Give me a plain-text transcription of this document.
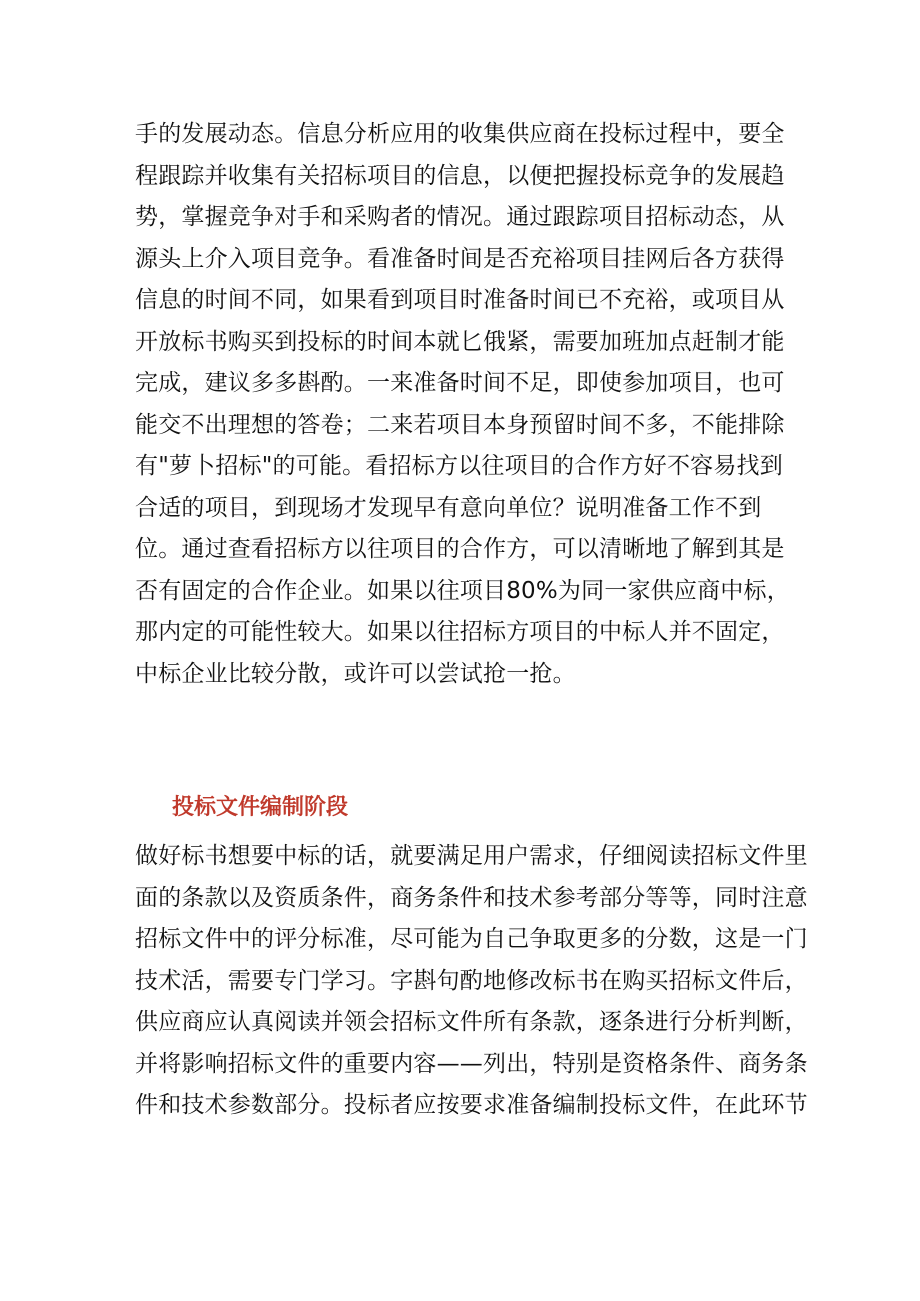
手的发展动态。信息分析应用的收集供应商在投标过程中，要全
程跟踪并收集有关招标项目的信息，以便把握投标竞争的发展趋
势，掌握竞争对手和采购者的情况。通过跟踪项目招标动态，从
源头上介入项目竞争。看准备时间是否充裕项目挂网后各方获得
信息的时间不同，如果看到项目时准备时间已不充裕，或项目从
开放标书购买到投标的时间本就匕俄紧，需要加班加点赶制才能
完成，建议多多斟酌。一来准备时间不足，即使参加项目，也可
能交不出理想的答卷；二来若项目本身预留时间不多，不能排除
有"萝卜招标"的可能。看招标方以往项目的合作方好不容易找到
合适的项目，到现场才发现早有意向单位？说明准备工作不到
位。通过查看招标方以往项目的合作方，可以清晰地了解到其是
否有固定的合作企业。如果以往项目80%为同一家供应商中标，
那内定的可能性较大。如果以往招标方项目的中标人并不固定，
中标企业比较分散，或许可以尝试抢一抢。
投标文件编制阶段
做好标书想要中标的话，就要满足用户需求，仔细阅读招标文件里
面的条款以及资质条件，商务条件和技术参考部分等等，同时注意
招标文件中的评分标准，尽可能为自己争取更多的分数，这是一门
技术活，需要专门学习。字斟句酌地修改标书在购买招标文件后，
供应商应认真阅读并领会招标文件所有条款，逐条进行分析判断，
并将影响招标文件的重要内容——列出，特别是资格条件、商务条
件和技术参数部分。投标者应按要求准备编制投标文件，在此环节
